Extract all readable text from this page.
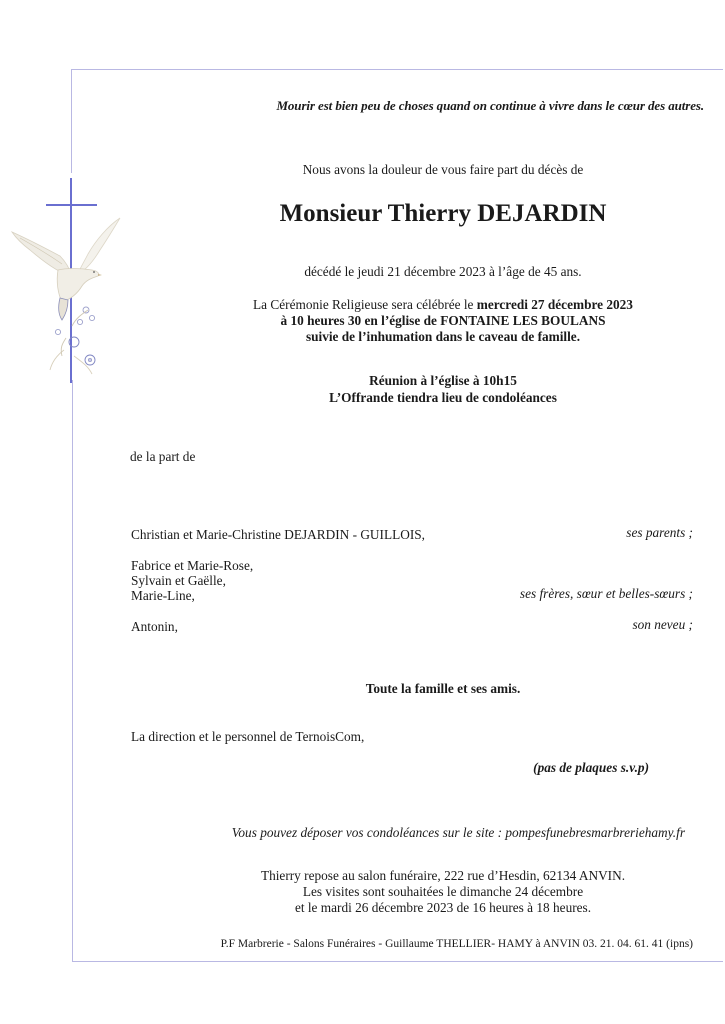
Mourir est bien peu de choses quand on continue à vivre dans le cœur des autres.
Nous avons la douleur de vous faire part du décès de
Monsieur Thierry DEJARDIN
décédé le jeudi 21 décembre 2023 à l’âge de 45 ans.
La Cérémonie Religieuse sera célébrée le mercredi 27 décembre 2023
à 10 heures 30 en l’église de FONTAINE LES BOULANS
suivie de l’inhumation dans le caveau de famille.
Réunion à l’église à 10h15
L’Offrande tiendra lieu de condoléances
de la part de
Christian et Marie-Christine DEJARDIN - GUILLOIS,	ses parents ;
Fabrice et Marie-Rose,
Sylvain et Gaëlle,
Marie-Line,	ses frères, sœur et belles-sœurs ;
Antonin,	son neveu ;
Toute la famille et ses amis.
La direction et le personnel de TernoisCom,
(pas de plaques s.v.p)
Vous pouvez déposer vos condoléances sur le site : pompesfunebresmarbreriehamy.fr
Thierry repose au salon funéraire, 222 rue d’Hesdin, 62134 ANVIN.
Les visites sont souhaitées le dimanche 24 décembre
et le mardi 26 décembre 2023 de 16 heures à 18 heures.
P.F Marbrerie - Salons Funéraires - Guillaume THELLIER- HAMY à ANVIN 03. 21. 04. 61. 41 (ipns)
